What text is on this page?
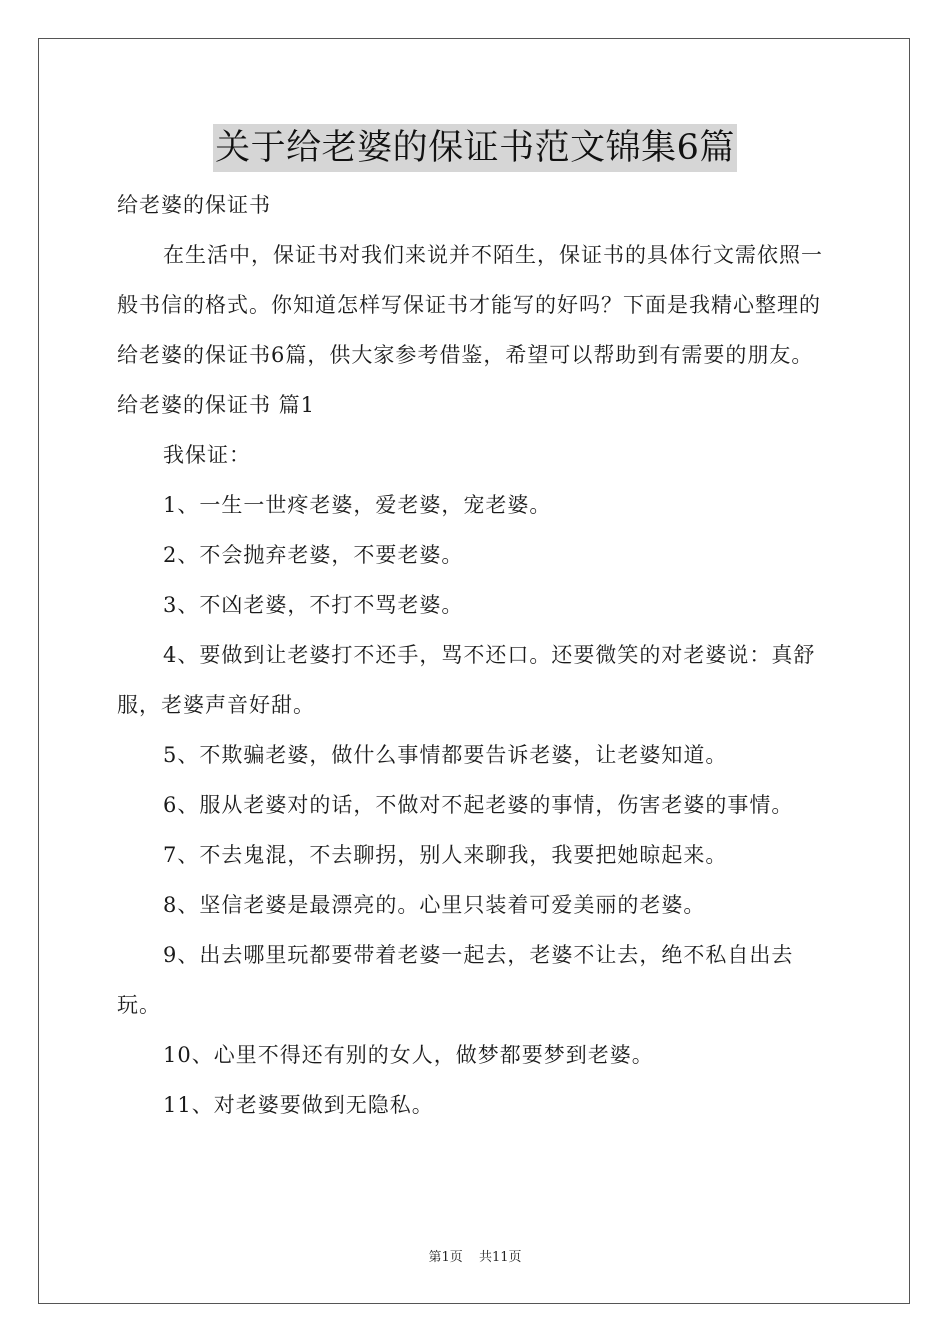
关于给老婆的保证书范文锦集6篇

给老婆的保证书

在生活中，保证书对我们来说并不陌生，保证书的具体行文需依照一般书信的格式。你知道怎样写保证书才能写的好吗？下面是我精心整理的给老婆的保证书6篇，供大家参考借鉴，希望可以帮助到有需要的朋友。

给老婆的保证书 篇1

我保证：

1、一生一世疼老婆，爱老婆，宠老婆。

2、不会抛弃老婆，不要老婆。

3、不凶老婆，不打不骂老婆。

4、要做到让老婆打不还手，骂不还口。还要微笑的对老婆说：真舒服，老婆声音好甜。

5、不欺骗老婆，做什么事情都要告诉老婆，让老婆知道。

6、服从老婆对的话，不做对不起老婆的事情，伤害老婆的事情。

7、不去鬼混，不去聊拐，别人来聊我，我要把她晾起来。

8、坚信老婆是最漂亮的。心里只装着可爱美丽的老婆。

9、出去哪里玩都要带着老婆一起去，老婆不让去，绝不私自出去玩。

10、心里不得还有别的女人，做梦都要梦到老婆。

11、对老婆要做到无隐私。

第1页 共11页
